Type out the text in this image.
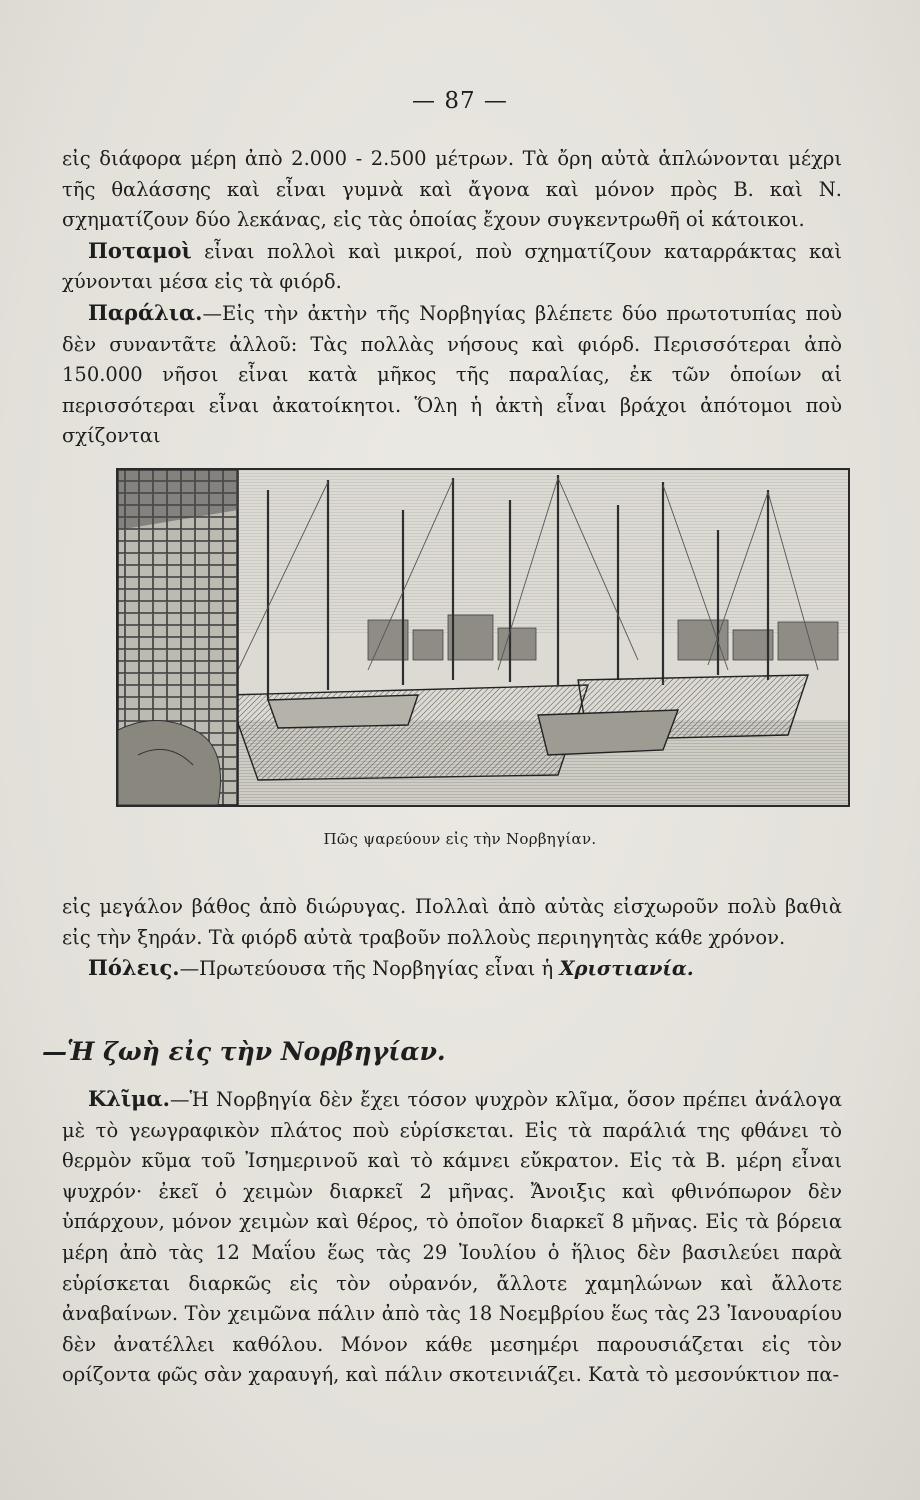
— 87 —

εἰς διάφορα μέρη ἀπὸ 2.000 - 2.500 μέτρων. Τὰ ὄρη αὐτὰ ἁπλώνονται μέχρι τῆς θαλάσσης καὶ εἶναι γυμνὰ καὶ ἄγονα καὶ μόνον πρὸς Β. καὶ Ν. σχηματίζουν δύο λεκάνας, εἰς τὰς ὁποίας ἔχουν συγκεντρωθῆ οἱ κάτοικοι.

Ποταμοὶ εἶναι πολλοὶ καὶ μικροί, ποὺ σχηματίζουν καταρράκτας καὶ χύνονται μέσα εἰς τὰ φιόρδ.

Παράλια.—Εἰς τὴν ἀκτὴν τῆς Νορβηγίας βλέπετε δύο πρωτοτυπίας ποὺ δὲν συναντᾶτε ἀλλοῦ: Τὰς πολλὰς νήσους καὶ φιόρδ. Περισσότεραι ἀπὸ 150.000 νῆσοι εἶναι κατὰ μῆκος τῆς παραλίας, ἐκ τῶν ὁποίων αἱ περισσότεραι εἶναι ἀκατοίκητοι. Ὅλη ἡ ἀκτὴ εἶναι βράχοι ἀπότομοι ποὺ σχίζονται

Πῶς ψαρεύουν εἰς τὴν Νορβηγίαν.

εἰς μεγάλον βάθος ἀπὸ διώρυγας. Πολλαὶ ἀπὸ αὐτὰς εἰσχωροῦν πολὺ βαθιὰ εἰς τὴν ξηράν. Τὰ φιόρδ αὐτὰ τραβοῦν πολλοὺς περιηγητὰς κάθε χρόνον.

Πόλεις.—Πρωτεύουσα τῆς Νορβηγίας εἶναι ἡ Χριστιανία.

—Ἡ ζωὴ εἰς τὴν Νορβηγίαν.

Κλῖμα.—Ἡ Νορβηγία δὲν ἔχει τόσον ψυχρὸν κλῖμα, ὅσον πρέπει ἀνάλογα μὲ τὸ γεωγραφικὸν πλάτος ποὺ εὑρίσκεται. Εἰς τὰ παράλιά της φθάνει τὸ θερμὸν κῦμα τοῦ Ἰσημερινοῦ καὶ τὸ κάμνει εὔκρατον. Εἰς τὰ Β. μέρη εἶναι ψυχρόν· ἐκεῖ ὁ χειμὼν διαρκεῖ 2 μῆνας. Ἄνοιξις καὶ φθινόπωρον δὲν ὑπάρχουν, μόνον χειμὼν καὶ θέρος, τὸ ὁποῖον διαρκεῖ 8 μῆνας. Εἰς τὰ βόρεια μέρη ἀπὸ τὰς 12 Μαΐου ἕως τὰς 29 Ἰουλίου ὁ ἥλιος δὲν βασιλεύει παρὰ εὑρίσκεται διαρκῶς εἰς τὸν οὐρανόν, ἄλλοτε χαμηλώνων καὶ ἄλλοτε ἀναβαίνων. Τὸν χειμῶνα πάλιν ἀπὸ τὰς 18 Νοεμβρίου ἕως τὰς 23 Ἰανουαρίου δὲν ἀνατέλλει καθόλου. Μόνον κάθε μεσημέρι παρουσιάζεται εἰς τὸν ορίζοντα φῶς σὰν χαραυγή, καὶ πάλιν σκοτεινιάζει. Κατὰ τὸ μεσονύκτιον πα-
